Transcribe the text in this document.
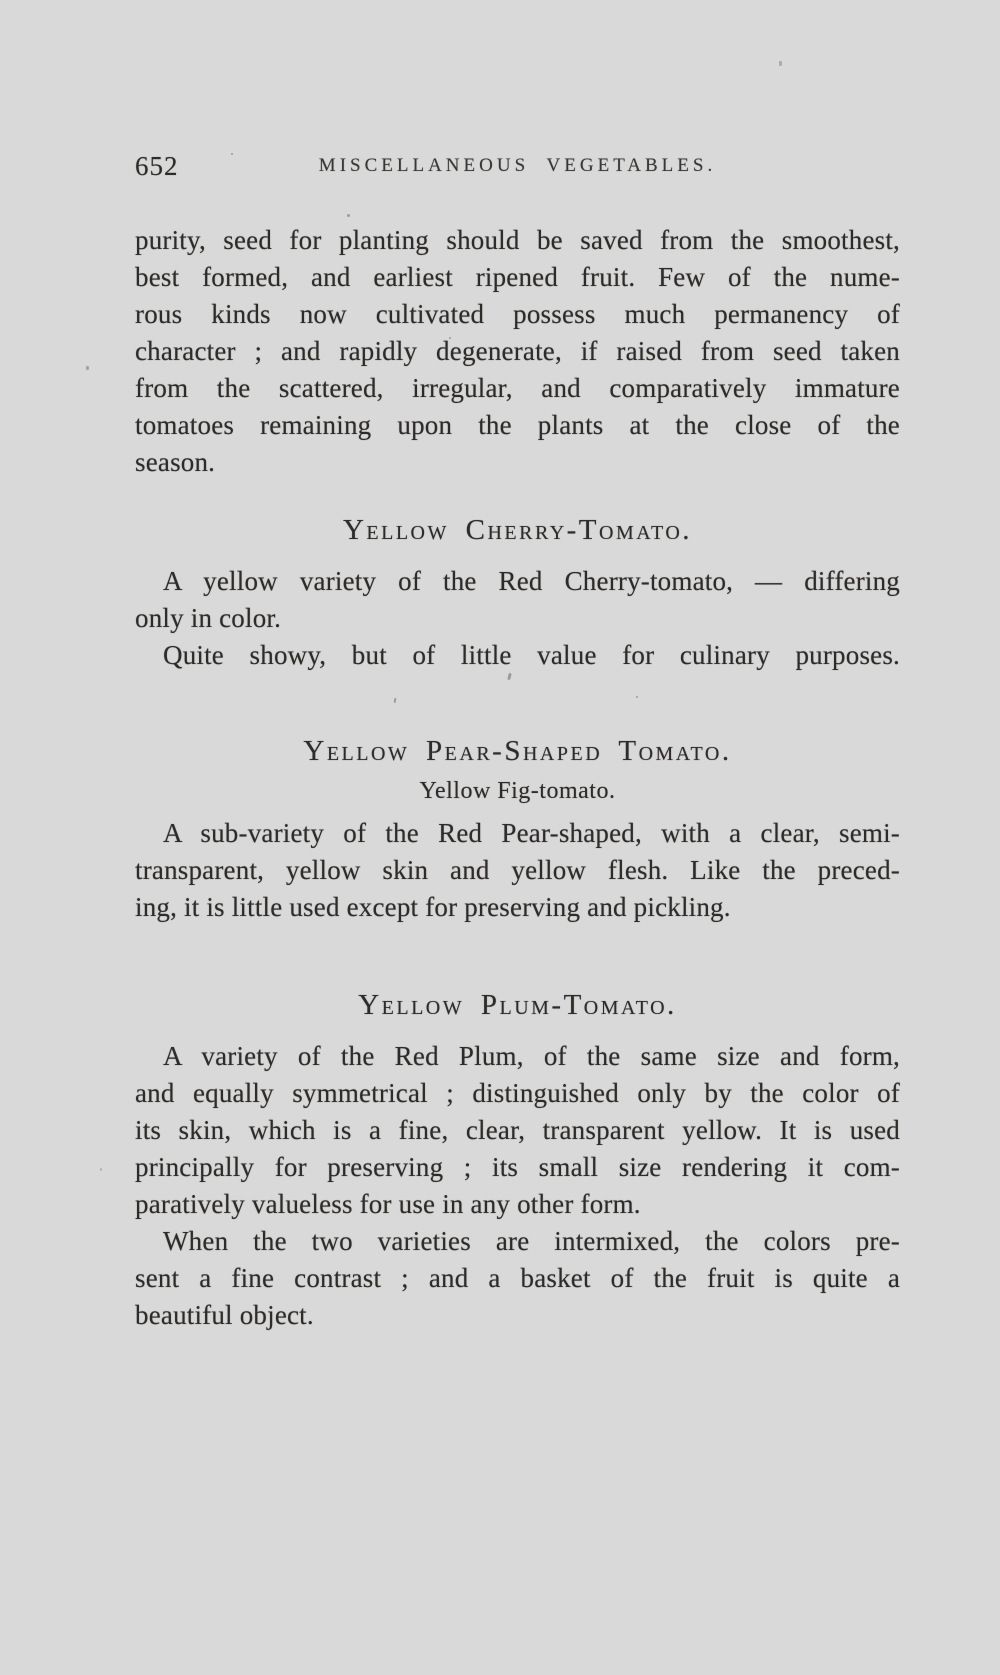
652	MISCELLANEOUS VEGETABLES.
purity, seed for planting should be saved from the smoothest,
best formed, and earliest ripened fruit. Few of the nume-
rous kinds now cultivated possess much permanency of
character ; and rapidly degenerate, if raised from seed taken
from the scattered, irregular, and comparatively immature
tomatoes remaining upon the plants at the close of the
season.
Yellow Cherry-Tomato.
A yellow variety of the Red Cherry-tomato, — differing
only in color.
Quite showy, but of little value for culinary purposes.
Yellow Pear-Shaped Tomato.
Yellow Fig-tomato.
A sub-variety of the Red Pear-shaped, with a clear, semi-
transparent, yellow skin and yellow flesh. Like the preced-
ing, it is little used except for preserving and pickling.
Yellow Plum-Tomato.
A variety of the Red Plum, of the same size and form,
and equally symmetrical ; distinguished only by the color of
its skin, which is a fine, clear, transparent yellow. It is used
principally for preserving ; its small size rendering it com-
paratively valueless for use in any other form.
When the two varieties are intermixed, the colors pre-
sent a fine contrast ; and a basket of the fruit is quite a
beautiful object.
